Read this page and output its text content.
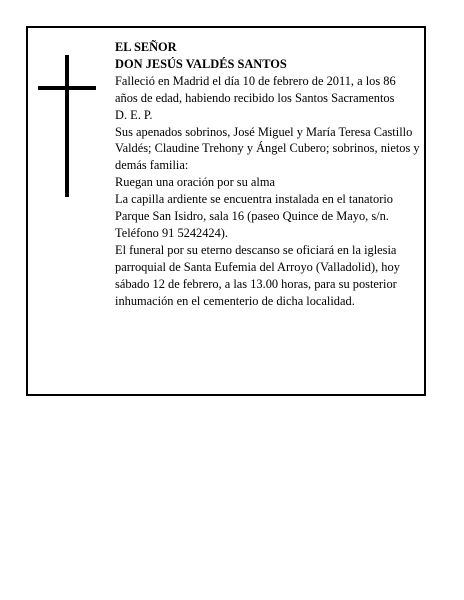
EL SEÑOR

DON JESÚS VALDÉS SANTOS

Falleció en Madrid el día 10 de febrero de 2011, a los 86 años de edad, habiendo recibido los Santos Sacramentos

D. E. P.

Sus apenados sobrinos, José Miguel y María Teresa Castillo Valdés; Claudine Trehony y Ángel Cubero; sobrinos, nietos y demás familia:

Ruegan una oración por su alma

La capilla ardiente se encuentra instalada en el tanatorio Parque San Isidro, sala 16 (paseo Quince de Mayo, s/n. Teléfono 91 5242424).

El funeral por su eterno descanso se oficiará en la iglesia parroquial de Santa Eufemia del Arroyo (Valladolid), hoy sábado 12 de febrero, a las 13.00 horas, para su posterior inhumación en el cementerio de dicha localidad.
